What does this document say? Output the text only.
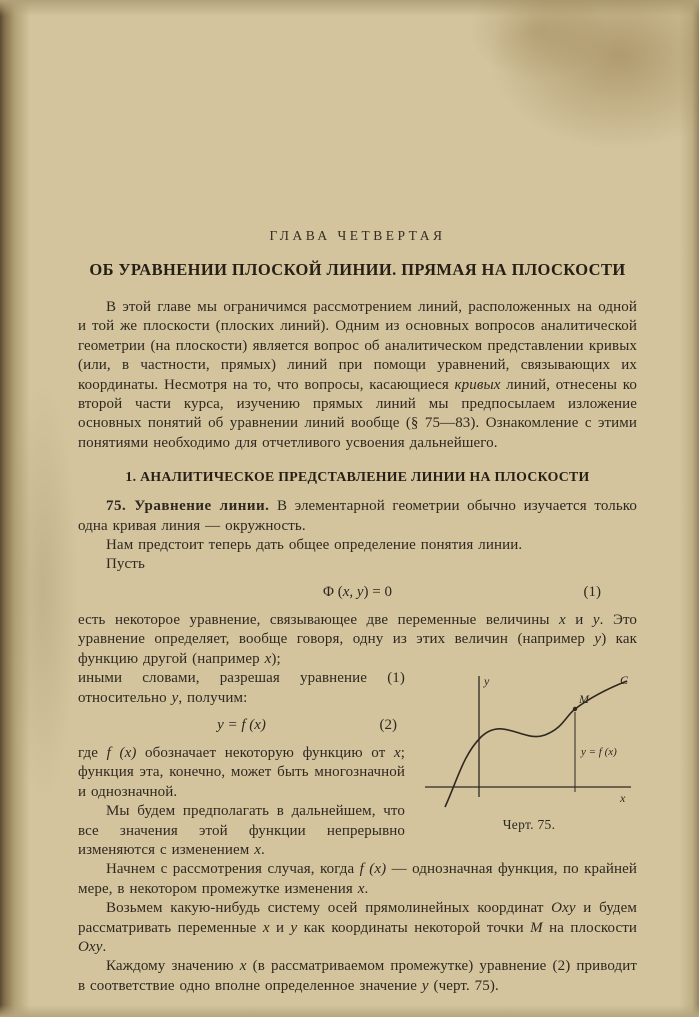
ГЛАВА ЧЕТВЕРТАЯ
ОБ УРАВНЕНИИ ПЛОСКОЙ ЛИНИИ. ПРЯМАЯ НА ПЛОСКОСТИ

В этой главе мы ограничимся рассмотрением линий, расположенных на одной и той же плоскости (плоских линий). Одним из основных вопросов аналитической геометрии (на плоскости) является вопрос об аналитическом представлении кривых (или, в частности, прямых) линий при помощи уравнений, связывающих их координаты. Несмотря на то, что вопросы, касающиеся кривых линий, отнесены ко второй части курса, изучению прямых линий мы предпосылаем изложение основных понятий об уравнении линий вообще (§ 75—83). Ознакомление с этими понятиями необходимо для отчетливого усвоения дальнейшего.

1. АНАЛИТИЧЕСКОЕ ПРЕДСТАВЛЕНИЕ ЛИНИИ НА ПЛОСКОСТИ

75. Уравнение линии. В элементарной геометрии обычно изучается только одна кривая линия — окружность.

Нам предстоит теперь дать общее определение понятия линии.

Пусть

Φ (x, y) = 0	(1)

есть некоторое уравнение, связывающее две переменные величины x и y. Это уравнение определяет, вообще говоря, одну из этих величин (например y) как функцию другой (например x);

x
y	C
M
y = f (x)
Черт. 75.

иными словами, разрешая уравнение (1) относительно y, получим:

y = f (x)	(2)

где f (x) обозначает некоторую функцию от x; функция эта, конечно, может быть многозначной и однозначной.

Мы будем предполагать в дальнейшем, что все значения этой функции непрерывно изменяются с изменением x.

Начнем с рассмотрения случая, когда f (x) — однозначная функция, по крайней мере, в некотором промежутке изменения x.

Возьмем какую-нибудь систему осей прямолинейных координат Oxy и будем рассматривать переменные x и y как координаты некоторой точки M на плоскости Oxy.

Каждому значению x (в рассматриваемом промежутке) уравнение (2) приводит в соответствие одно вполне определенное значение y (черт. 75).
